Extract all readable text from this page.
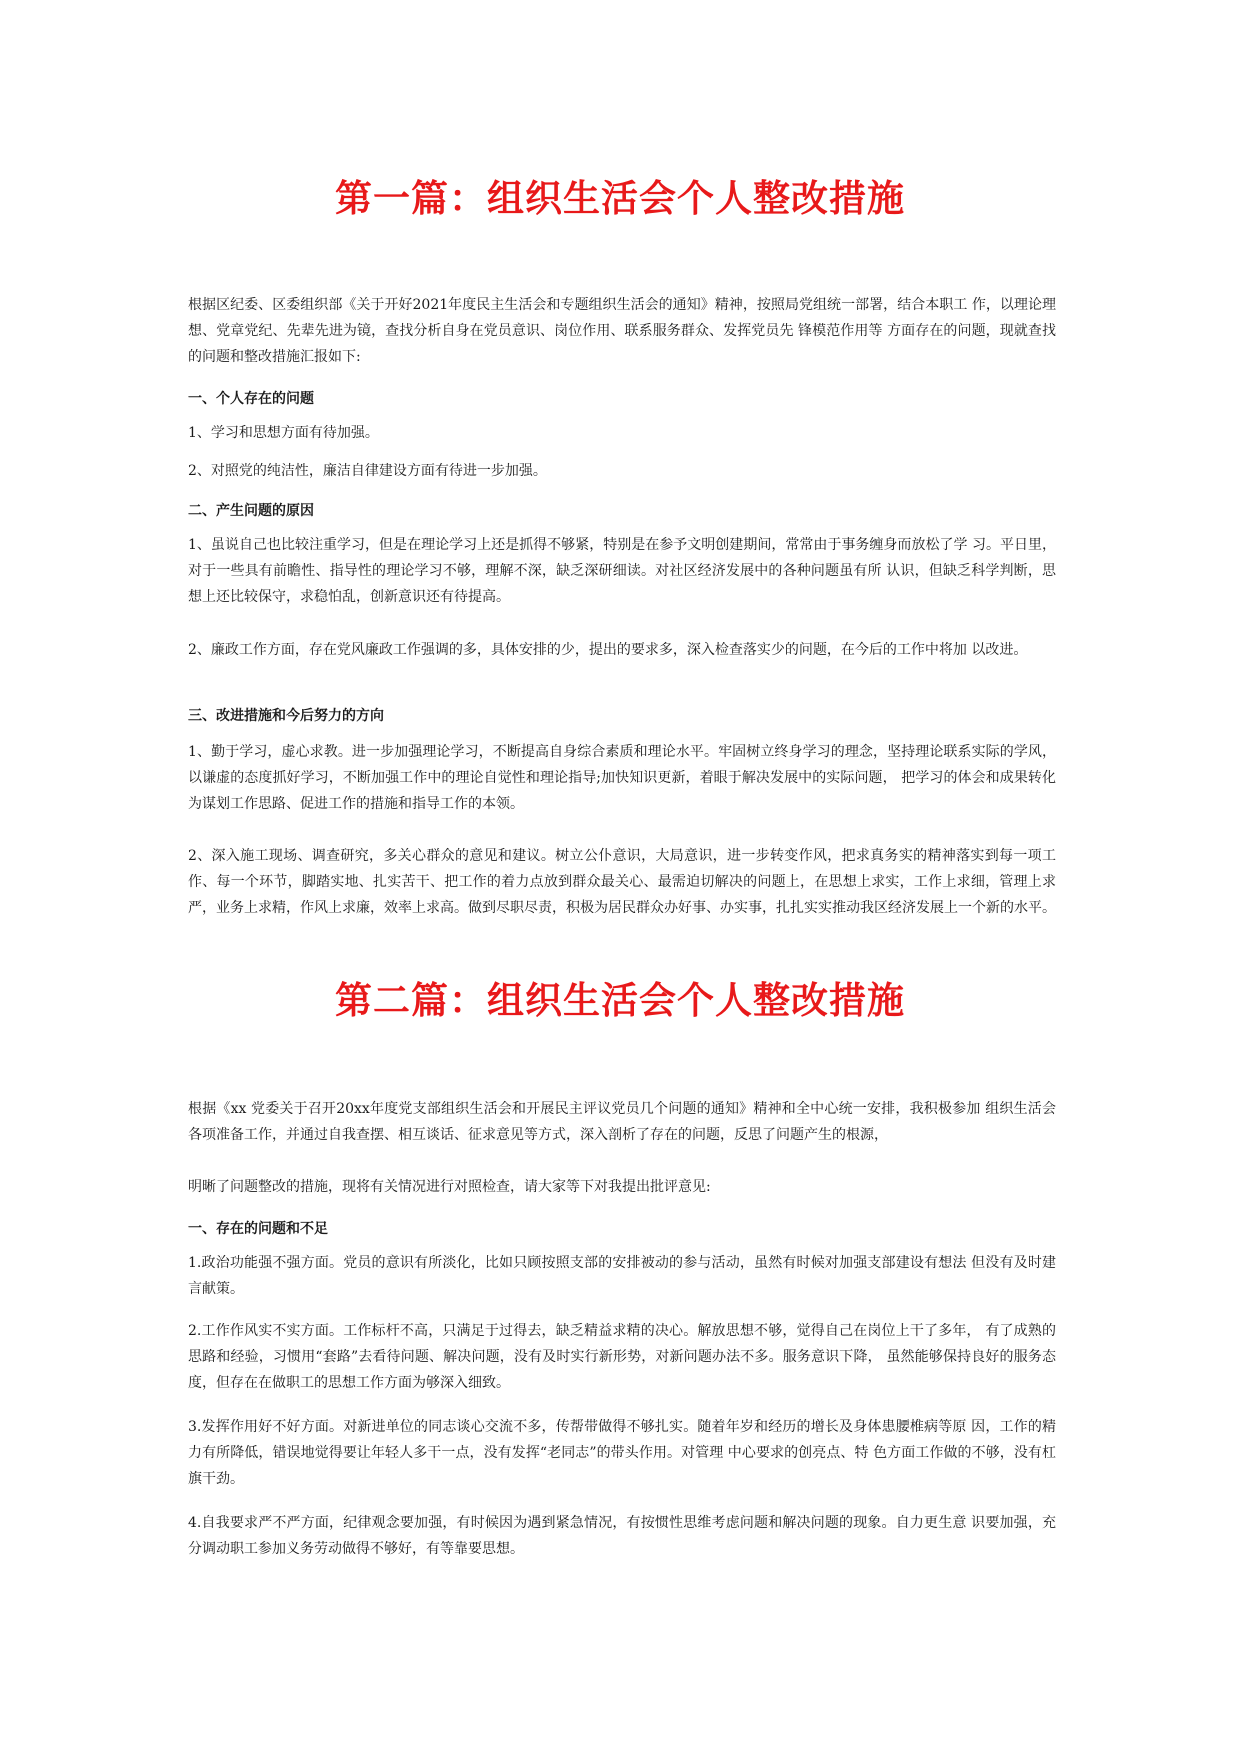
第一篇：组织生活会个人整改措施

根据区纪委、区委组织部《关于开好2021年度民主生活会和专题组织生活会的通知》精神，按照局党组统一部署，结合本职工 作，以理论理想、党章党纪、先辈先进为镜，查找分析自身在党员意识、岗位作用、联系服务群众、发挥党员先 锋模范作用等 方面存在的问题，现就查找的问题和整改措施汇报如下:

一、个人存在的问题

1、学习和思想方面有待加强。

2、对照党的纯洁性，廉洁自律建设方面有待进一步加强。

二、产生问题的原因

1、虽说自己也比较注重学习，但是在理论学习上还是抓得不够紧，特别是在参予文明创建期间，常常由于事务缠身而放松了学 习。平日里，对于一些具有前瞻性、指导性的理论学习不够，理解不深，缺乏深研细读。对社区经济发展中的各种问题虽有所 认识，但缺乏科学判断，思想上还比较保守，求稳怕乱，创新意识还有待提高。

2、廉政工作方面，存在党风廉政工作强调的多，具体安排的少，提出的要求多，深入检查落实少的问题，在今后的工作中将加 以改进。

三、改进措施和今后努力的方向

1、勤于学习，虚心求教。进一步加强理论学习，不断提高自身综合素质和理论水平。牢固树立终身学习的理念，坚持理论联系实际的学风，以谦虚的态度抓好学习，不断加强工作中的理论自觉性和理论指导;加快知识更新，着眼于解决发展中的实际问题， 把学习的体会和成果转化为谋划工作思路、促进工作的措施和指导工作的本领。

2、深入施工现场、调查研究，多关心群众的意见和建议。树立公仆意识，大局意识，进一步转变作风，把求真务实的精神落实到每一项工作、每一个环节，脚踏实地、扎实苦干、把工作的着力点放到群众最关心、最需迫切解决的问题上，在思想上求实，工作上求细，管理上求严，业务上求精，作风上求廉，效率上求高。做到尽职尽责，积极为居民群众办好事、办实事，扎扎实实推动我区经济发展上一个新的水平。

第二篇：组织生活会个人整改措施

根据《xx 党委关于召开20xx年度党支部组织生活会和开展民主评议党员几个问题的通知》精神和全中心统一安排，我积极参加 组织生活会各项准备工作，并通过自我查摆、相互谈话、征求意见等方式，深入剖析了存在的问题，反思了问题产生的根源，

明晰了问题整改的措施，现将有关情况进行对照检查，请大家等下对我提出批评意见:

一、存在的问题和不足

1.政治功能强不强方面。党员的意识有所淡化，比如只顾按照支部的安排被动的参与活动，虽然有时候对加强支部建设有想法 但没有及时建言献策。

2.工作作风实不实方面。工作标杆不高，只满足于过得去，缺乏精益求精的决心。解放思想不够，觉得自己在岗位上干了多年， 有了成熟的思路和经验，习惯用“套路”去看待问题、解决问题，没有及时实行新形势，对新问题办法不多。服务意识下降， 虽然能够保持良好的服务态度，但存在在做职工的思想工作方面为够深入细致。

3.发挥作用好不好方面。对新进单位的同志谈心交流不多，传帮带做得不够扎实。随着年岁和经历的增长及身体患腰椎病等原 因，工作的精力有所降低，错误地觉得要让年轻人多干一点，没有发挥“老同志”的带头作用。对管理 中心要求的创亮点、特 色方面工作做的不够，没有杠旗干劲。

4.自我要求严不严方面，纪律观念要加强，有时候因为遇到紧急情况，有按惯性思维考虑问题和解决问题的现象。自力更生意 识要加强，充分调动职工参加义务劳动做得不够好，有等靠要思想。
